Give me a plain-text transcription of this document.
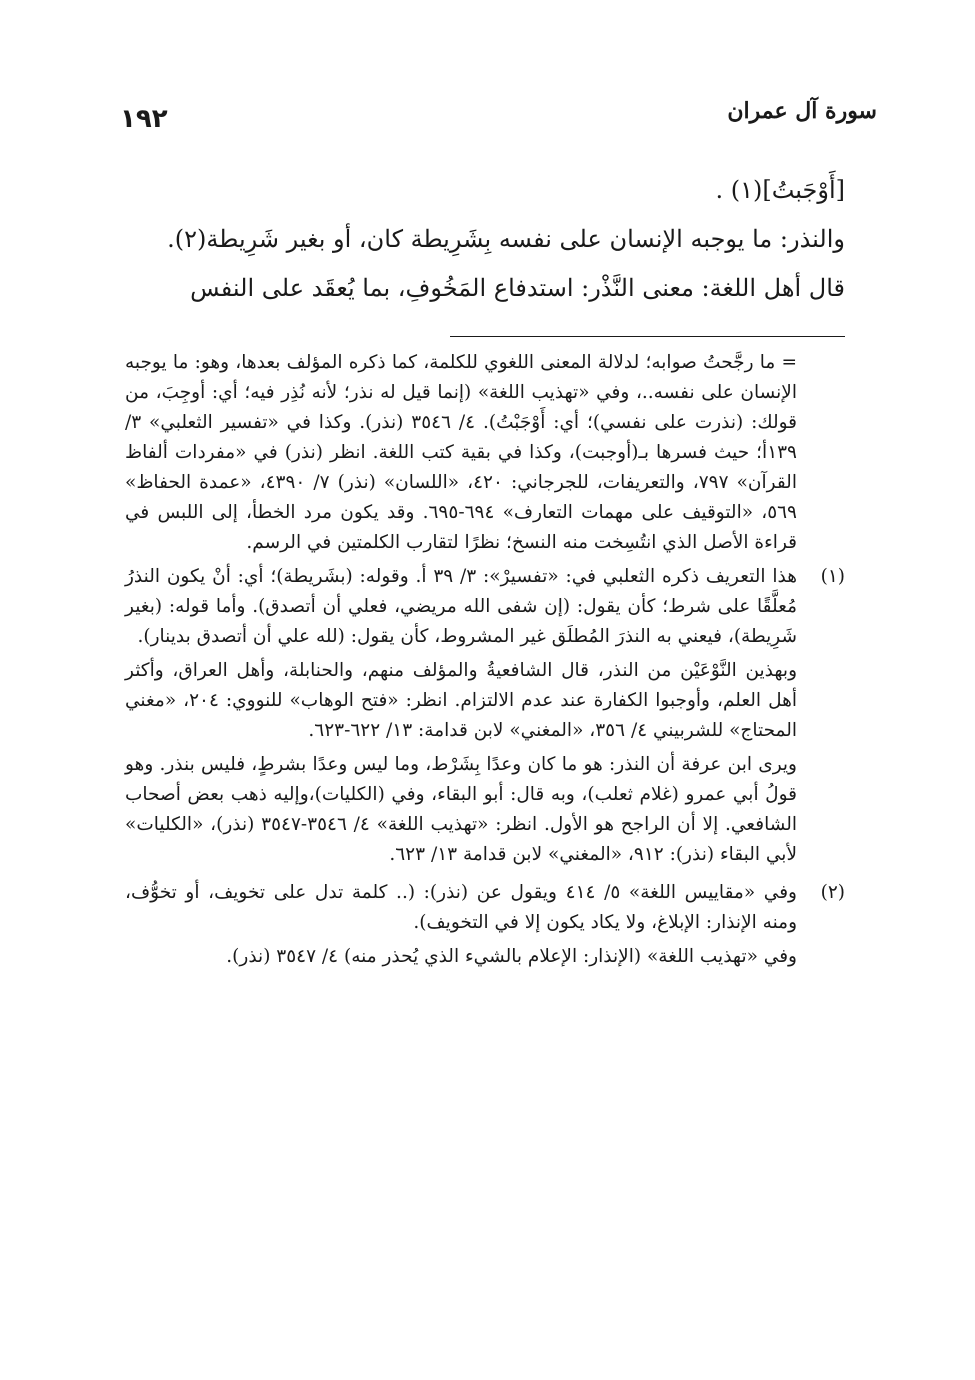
١٩٢	سورة آل عمران

[أَوْجَبتُ](١) .

والنذر: ما يوجبه الإنسان على نفسه بِشَرِيطة كان، أو بغير شَرِيطة(٢).

قال أهل اللغة: معنى النَّذْر: استدفاع المَخُوفِ، بما يُعقَد على النفس

= ما رجَّحتُ صوابه؛ لدلالة المعنى اللغوي للكلمة، كما ذكره المؤلف بعدها، وهو: ما يوجبه الإنسان على نفسه..، وفي «تهذيب اللغة» (إنما قيل له نذر؛ لأنه نُذِر فيه؛ أي: أوجِبَ، من قولك: (نذرت على نفسي)؛ أي: أَوْجَبْتُ). ٤/ ٣٥٤٦ (نذر). وكذا في «تفسير الثعلبي» ٣/ ١٣٩أ؛ حيث فسرها بـ(أوجبت)، وكذا في بقية كتب اللغة. انظر (نذر) في «مفردات ألفاظ القرآن» ٧٩٧، والتعريفات، للجرجاني: ٤٢٠، «اللسان» (نذر) ٧/ ٤٣٩٠، «عمدة الحفاظ» ٥٦٩، «التوقيف على مهمات التعارف» ٦٩٤-٦٩٥. وقد يكون مرد الخطأ، إلى اللبس في قراءة الأصل الذي انتُسِخت منه النسخ؛ نظرًا لتقارب الكلمتين في الرسم.

(١)

هذا التعريف ذكره الثعلبي في: «تفسيرْ»: ٣/ ٣٩ أ. وقوله: (بشَريطة)؛ أي: أنْ يكون النذرُ مُعلَّقًا على شرط؛ كأن يقول: (إن شفى الله مريضي، فعلي أن أتصدق). وأما قوله: (بغير شَرِيطة)، فيعني به النذرَ المُطلَق غير المشروط، كأن يقول: (لله علي أن أتصدق بدينار).

وبهذين النَّوْعَيْن من النذر، قال الشافعيةُ والمؤلف منهم، والحنابلة، وأهل العراق، وأكثر أهل العلم، وأوجبوا الكفارة عند عدم الالتزام. انظر: «فتح الوهاب» للنووي: ٢٠٤، «مغني المحتاج» للشربيني ٤/ ٣٥٦، «المغني» لابن قدامة: ١٣/ ٦٢٢-٦٢٣.

ويرى ابن عرفة أن النذر: هو ما كان وعدًا بِشَرْط، وما ليس وعدًا بشرطٍ، فليس بنذر. وهو قولُ أبي عمرو (غلام ثعلب)، وبه قال: أبو البقاء، وفي (الكليات)،وإليه ذهب بعض أصحاب الشافعي. إلا أن الراجح هو الأول. انظر: «تهذيب اللغة» ٤/ ٣٥٤٦-٣٥٤٧ (نذر)، «الكليات» لأبي البقاء (نذر): ٩١٢، «المغني» لابن قدامة ١٣/ ٦٢٣.

(٢)

وفي «مقاييس اللغة» ٥/ ٤١٤ ويقول عن (نذر): (.. كلمة تدل على تخويف، أو تخوُّف، ومنه الإنذار: الإبلاغ، ولا يكاد يكون إلا في التخويف).

وفي «تهذيب اللغة» (الإنذار: الإعلام بالشيء الذي يُحذر منه) ٤/ ٣٥٤٧ (نذر).
